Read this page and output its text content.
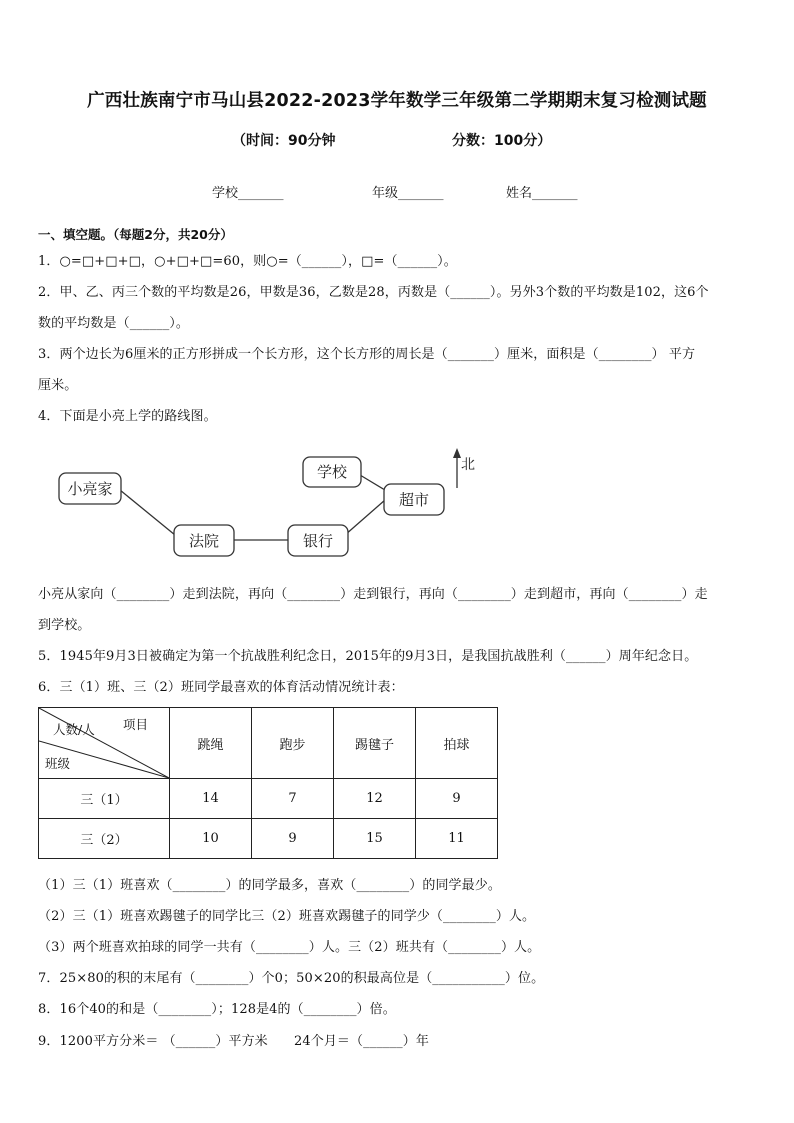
广西壮族南宁市马山县2022-2023学年数学三年级第二学期期末复习检测试题
（时间：90分钟	分数：100分）
学校_______	年级_______	姓名_______
一、填空题。（每题2分，共20分）
1．○=□+□+□，○+□+□=60，则○=（______），□=（______）。
2．甲、乙、丙三个数的平均数是26，甲数是36，乙数是28，丙数是（______）。另外3个数的平均数是102，这6个
数的平均数是（______）。
3．两个边长为6厘米的正方形拼成一个长方形，这个长方形的周长是（_______）厘米，面积是（________） 平方
厘米。
4．下面是小亮上学的路线图。
小亮家
法院	银行
超市
学校	北
小亮从家向（________）走到法院，再向（________）走到银行，再向（________）走到超市，再向（________）走
到学校。
5．1945年9月3日被确定为第一个抗战胜利纪念日，2015年的9月3日，是我国抗战胜利（______）周年纪念日。
6．三（1）班、三（2）班同学最喜欢的体育活动情况统计表：
人数/人 项目
班级	跳绳	跑步	踢毽子	拍球
三（1）	14	7	12	9
三（2）	10	9	15	11
（1）三（1）班喜欢（________）的同学最多，喜欢（________）的同学最少。
（2）三（1）班喜欢踢毽子的同学比三（2）班喜欢踢毽子的同学少（________）人。
（3）两个班喜欢拍球的同学一共有（________）人。三（2）班共有（________）人。
7．25×80的积的末尾有（________）个0；50×20的积最高位是（___________）位。
8．16个40的和是（________）；128是4的（________）倍。
9．1200平方分米＝ （______）平方米　　24个月＝（______）年
